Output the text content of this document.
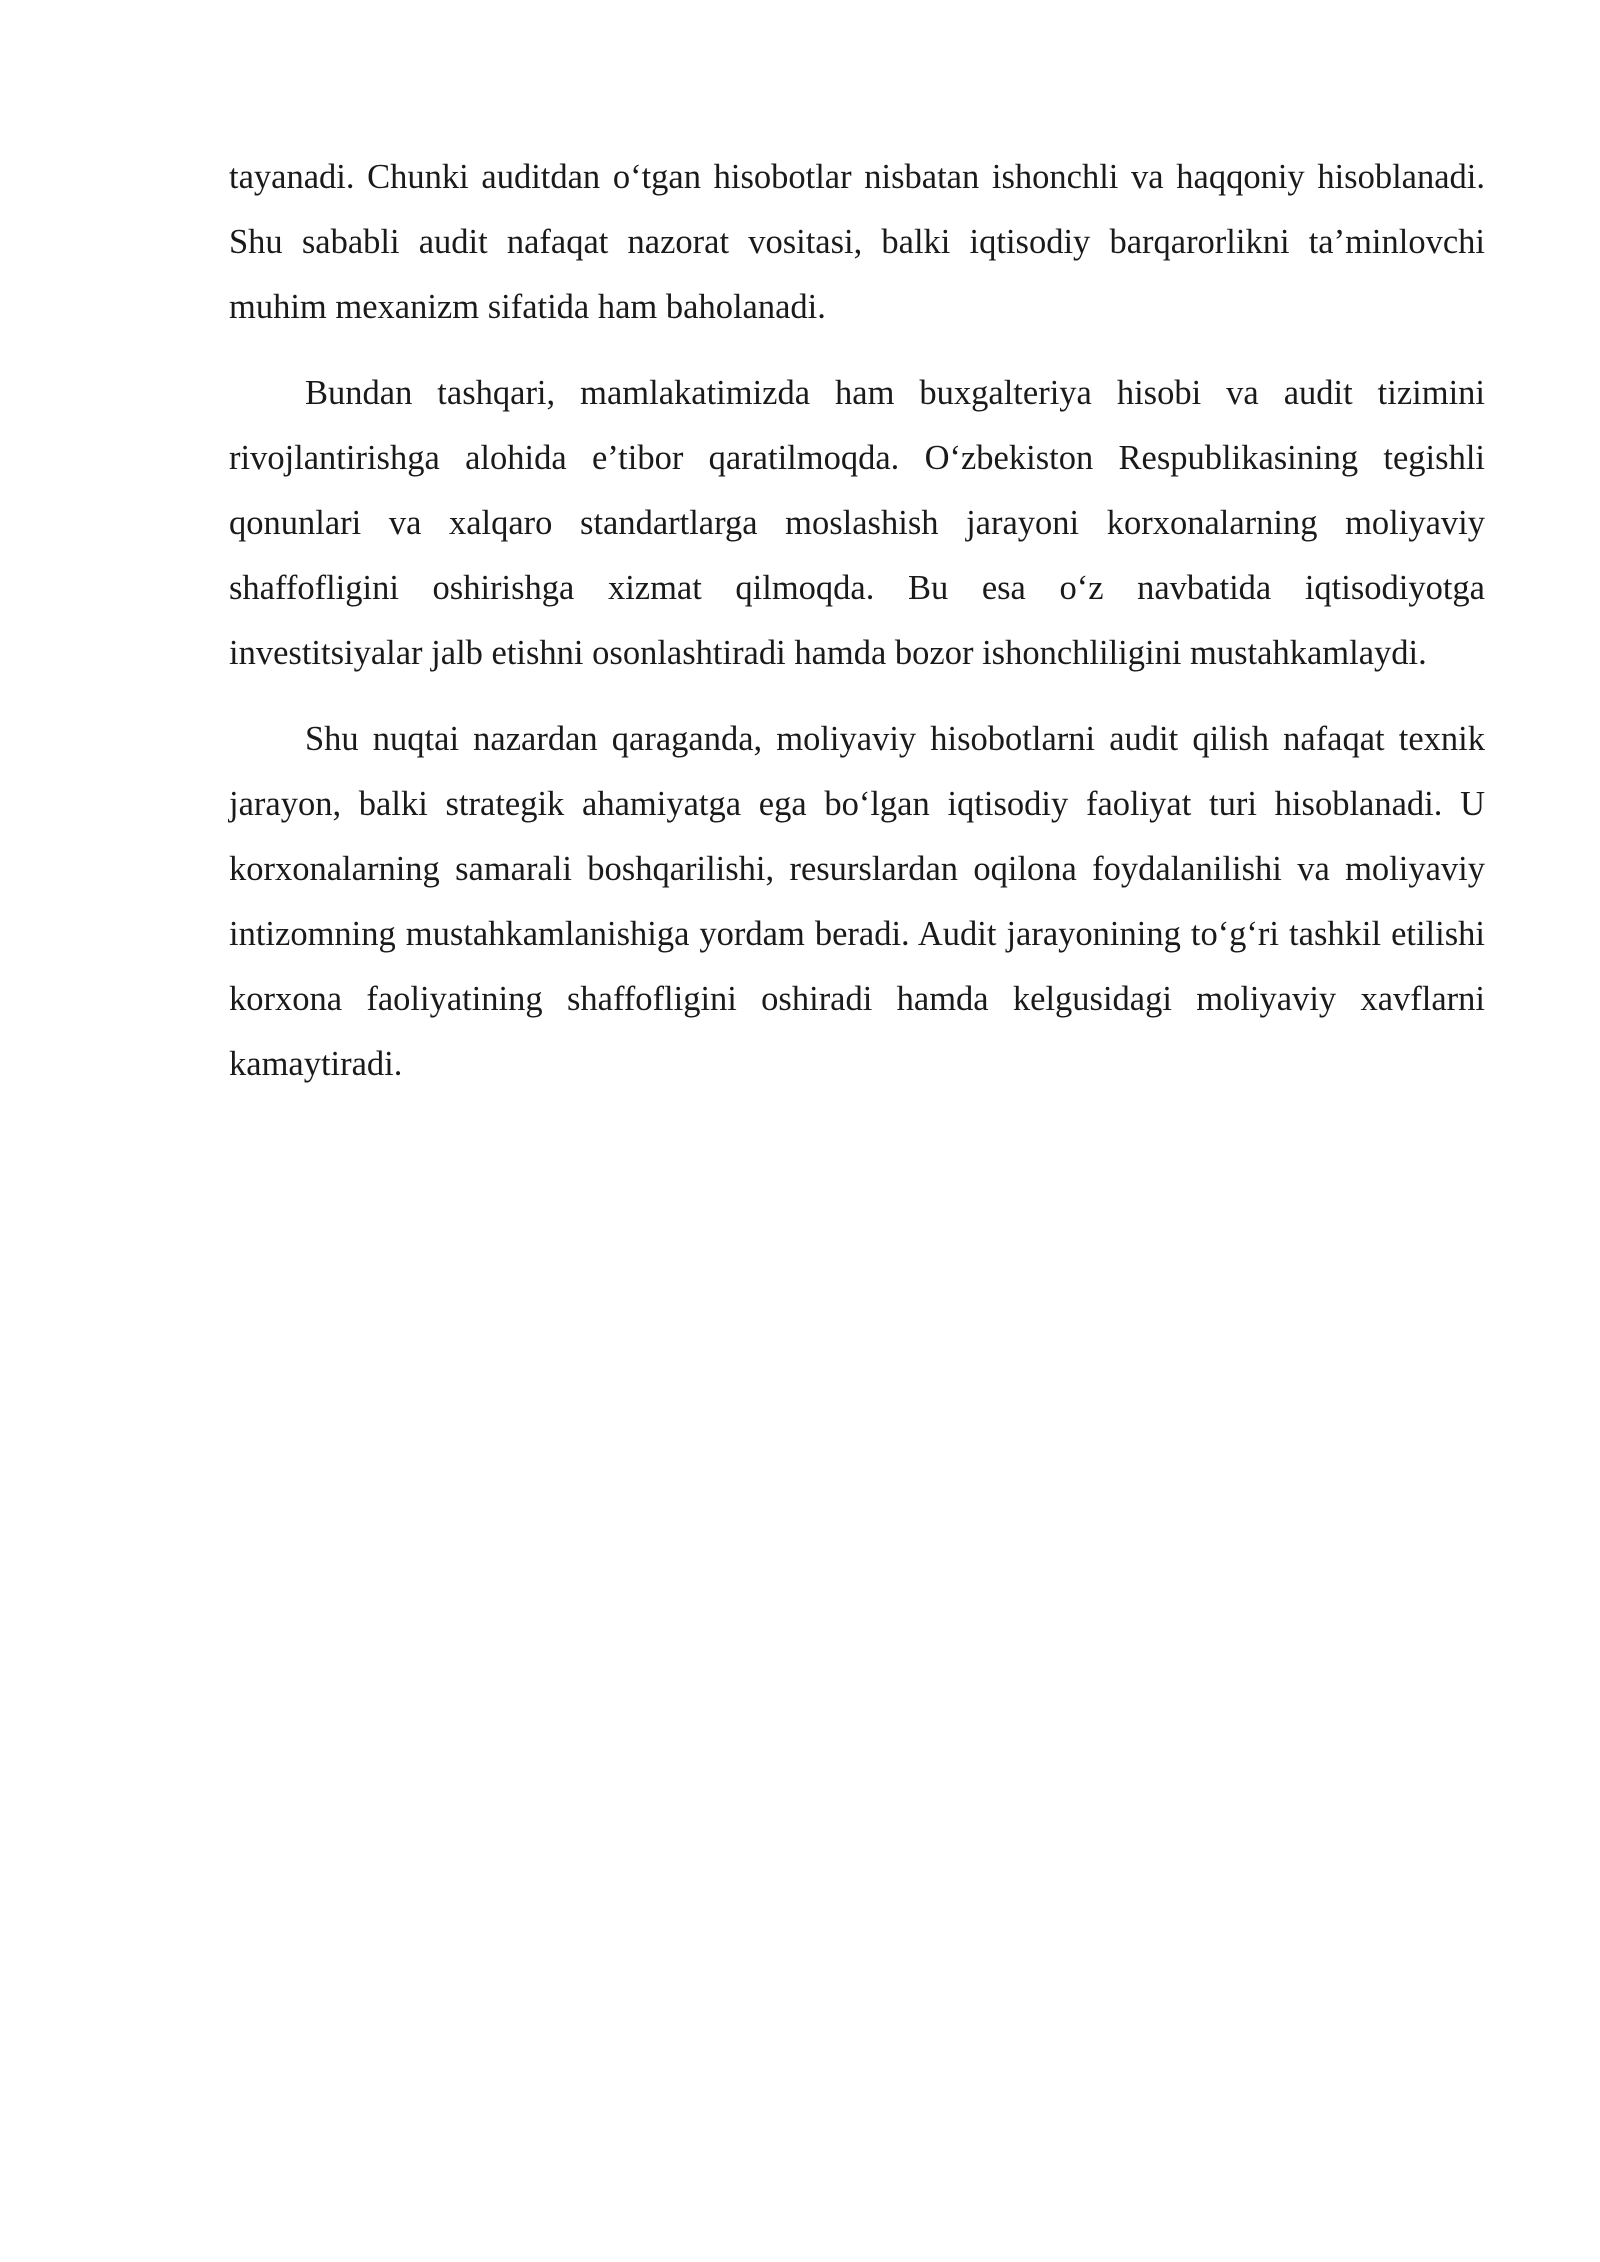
tayanadi. Chunki auditdan o‘tgan hisobotlar nisbatan ishonchli va haqqoniy hisoblanadi. Shu sababli audit nafaqat nazorat vositasi, balki iqtisodiy barqarorlikni ta’minlovchi muhim mexanizm sifatida ham baholanadi.

Bundan tashqari, mamlakatimizda ham buxgalteriya hisobi va audit tizimini rivojlantirishga alohida e’tibor qaratilmoqda. O‘zbekiston Respublikasining tegishli qonunlari va xalqaro standartlarga moslashish jarayoni korxonalarning moliyaviy shaffofligini oshirishga xizmat qilmoqda. Bu esa o‘z navbatida iqtisodiyotga investitsiyalar jalb etishni osonlashtiradi hamda bozor ishonchliligini mustahkamlaydi.

Shu nuqtai nazardan qaraganda, moliyaviy hisobotlarni audit qilish nafaqat texnik jarayon, balki strategik ahamiyatga ega bo‘lgan iqtisodiy faoliyat turi hisoblanadi. U korxonalarning samarali boshqarilishi, resurslardan oqilona foydalanilishi va moliyaviy intizomning mustahkamlanishiga yordam beradi. Audit jarayonining to‘g‘ri tashkil etilishi korxona faoliyatining shaffofligini oshiradi hamda kelgusidagi moliyaviy xavflarni kamaytiradi.
